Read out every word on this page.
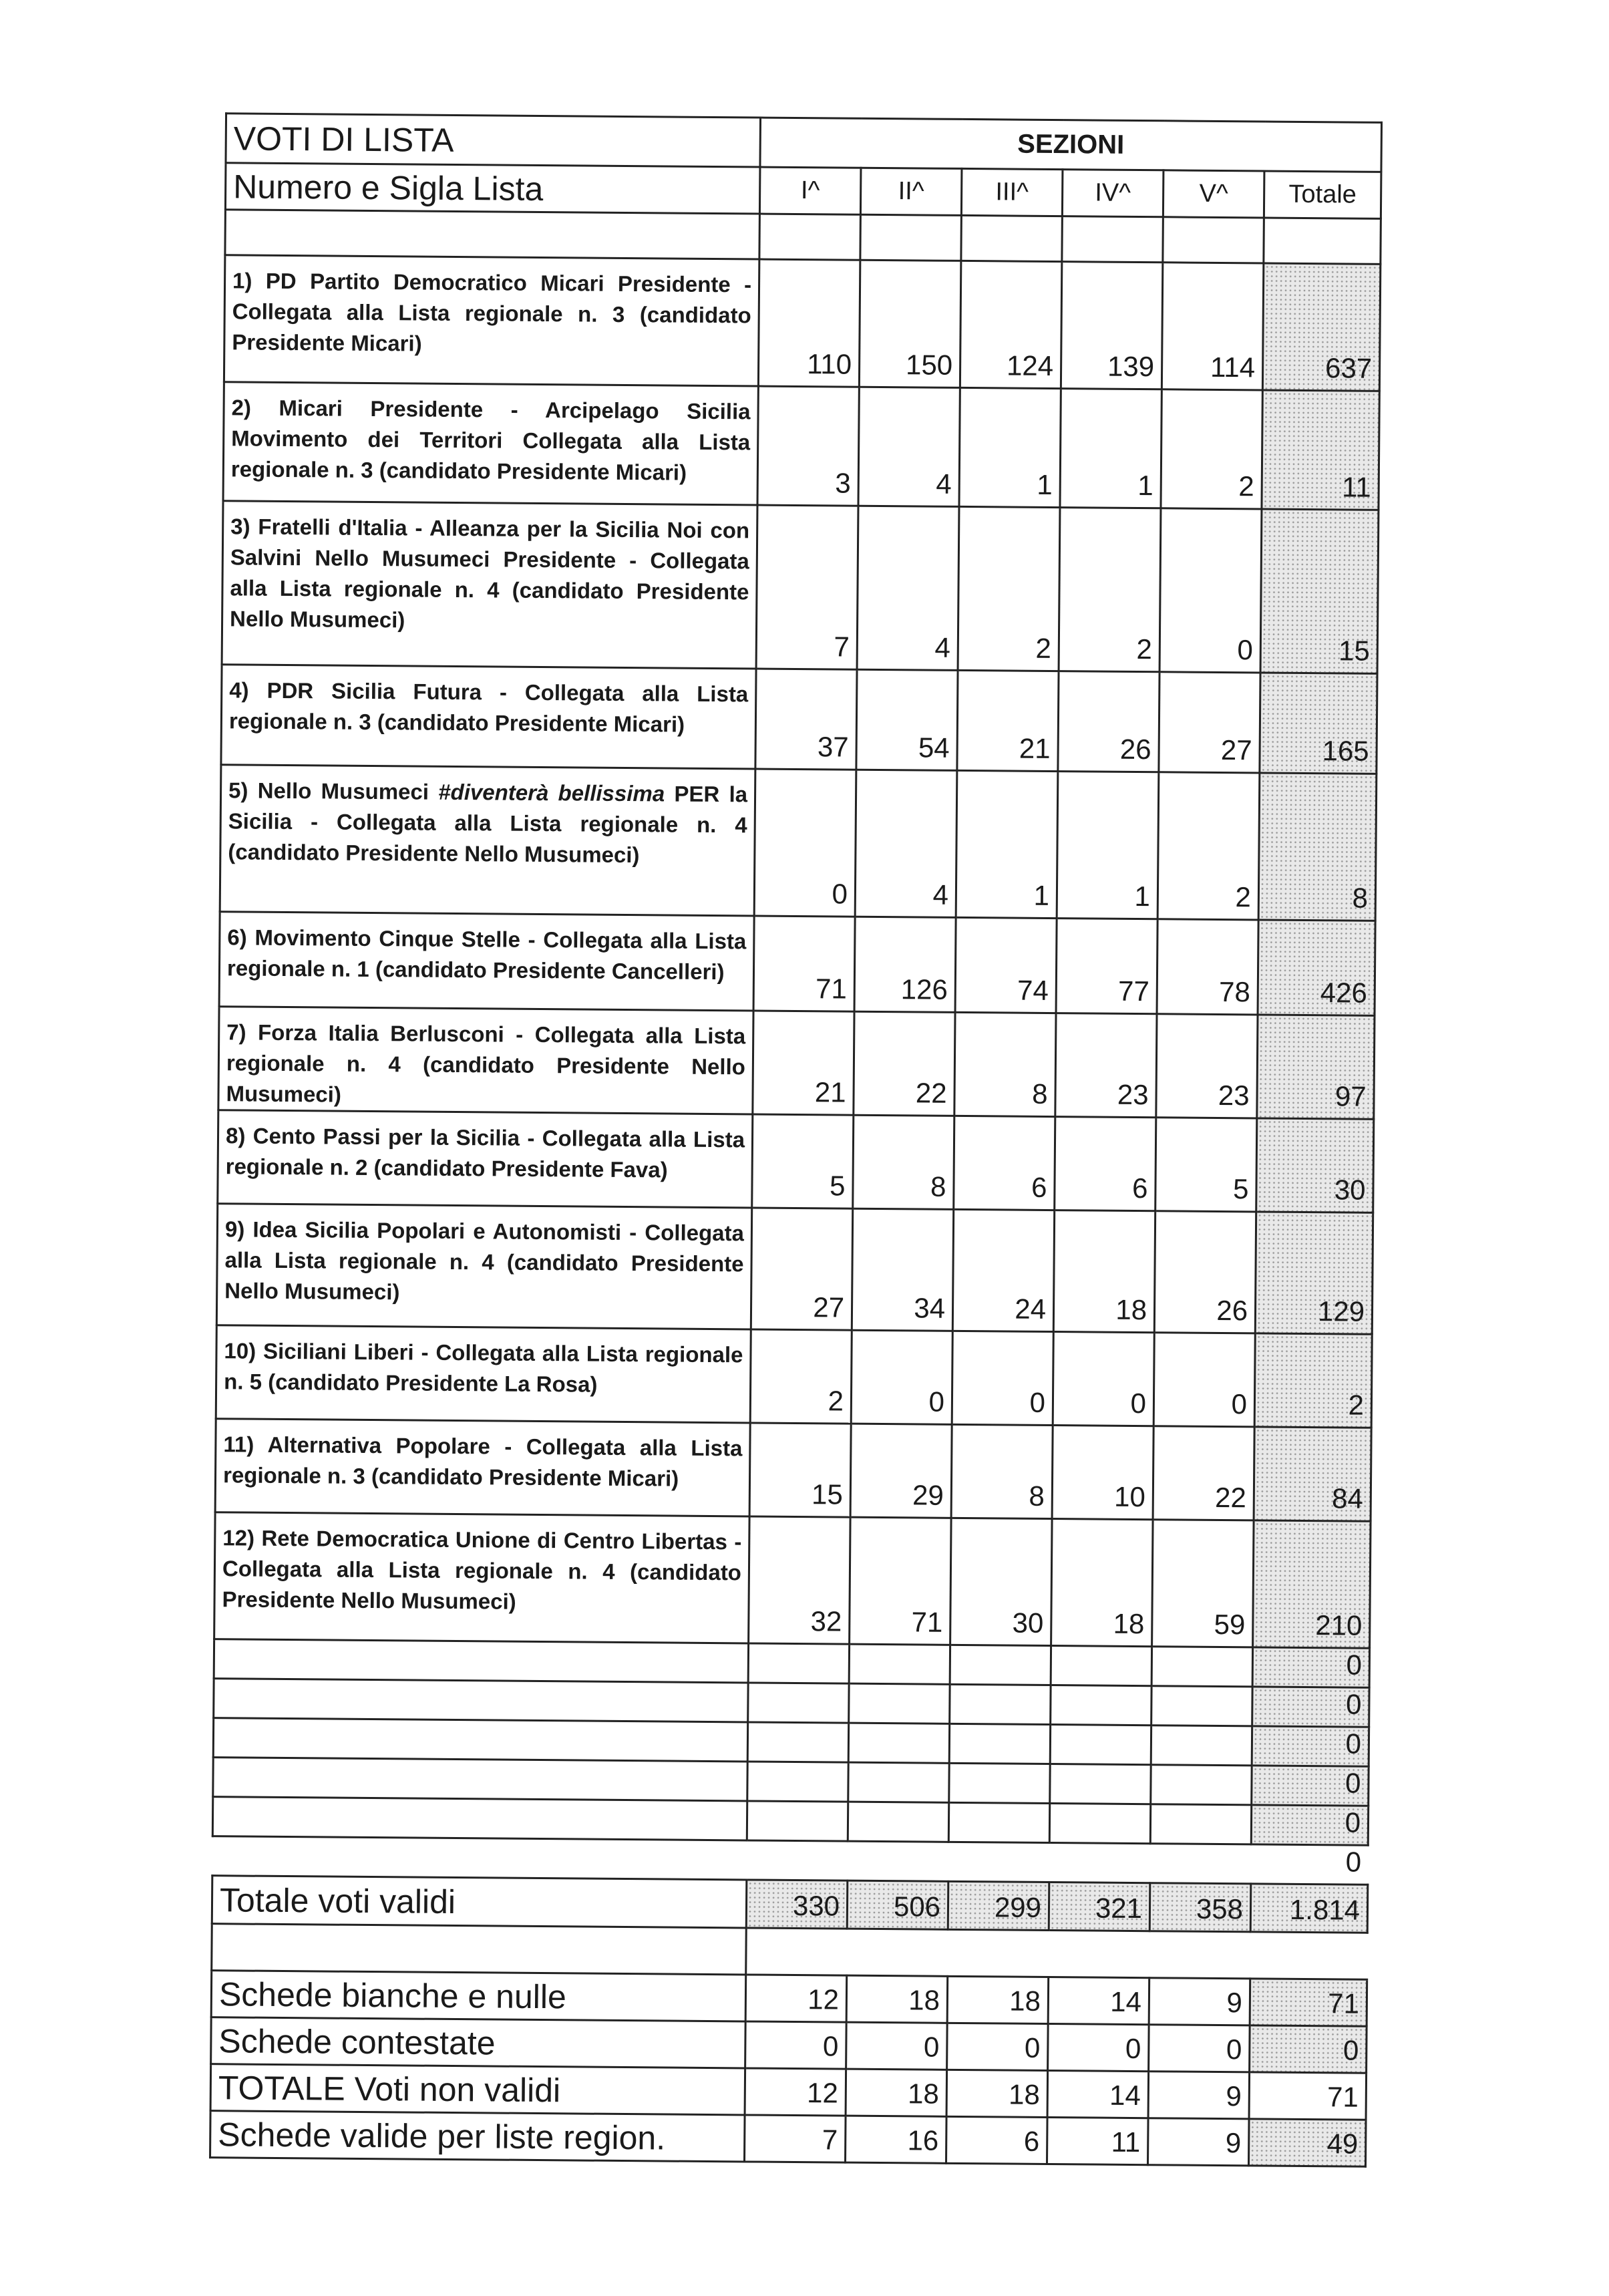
VOTI DI LISTA	SEZIONI					
Numero e Sigla Lista	I^	II^	III^	IV^	V^	Totale

1) PD Partito Democratico Micari Presidente - Collegata alla Lista regionale n. 3 (candidato Presidente Micari)	110	150	124	139	114	637
2) Micari Presidente - Arcipelago Sicilia Movimento dei Territori Collegata alla Lista regionale n. 3 (candidato Presidente Micari)	3	4	1	1	2	11
3) Fratelli d'Italia - Alleanza per la Sicilia Noi con Salvini Nello Musumeci Presidente - Collegata alla Lista regionale n. 4 (candidato Presidente Nello Musumeci)	7	4	2	2	0	15
4) PDR Sicilia Futura - Collegata alla Lista regionale n. 3 (candidato Presidente Micari)	37	54	21	26	27	165
5) Nello Musumeci #diventerà bellissima PER la Sicilia - Collegata alla Lista regionale n. 4 (candidato Presidente Nello Musumeci)	0	4	1	1	2	8
6) Movimento Cinque Stelle - Collegata alla Lista regionale n. 1 (candidato Presidente Cancelleri)	71	126	74	77	78	426
7) Forza Italia Berlusconi - Collegata alla Lista regionale n. 4 (candidato Presidente Nello Musumeci)	21	22	8	23	23	97
8) Cento Passi per la Sicilia - Collegata alla Lista regionale n. 2 (candidato Presidente Fava)	5	8	6	6	5	30
9) Idea Sicilia Popolari e Autonomisti - Collegata alla Lista regionale n. 4 (candidato Presidente Nello Musumeci)	27	34	24	18	26	129
10) Siciliani Liberi - Collegata alla Lista regionale n. 5 (candidato Presidente La Rosa)	2	0	0	0	0	2
11) Alternativa Popolare - Collegata alla Lista regionale n. 3 (candidato Presidente Micari)	15	29	8	10	22	84
12) Rete Democratica Unione di Centro Libertas - Collegata alla Lista regionale n. 4 (candidato Presidente Nello Musumeci)	32	71	30	18	59	210
						0
						0
						0
						0
						0
						0
Totale voti validi	330	506	299	321	358	1.814

Schede bianche e nulle	12	18	18	14	9	71
Schede contestate	0	0	0	0	0	0
TOTALE Voti non validi	12	18	18	14	9	71
Schede valide per liste region.	7	16	6	11	9	49
